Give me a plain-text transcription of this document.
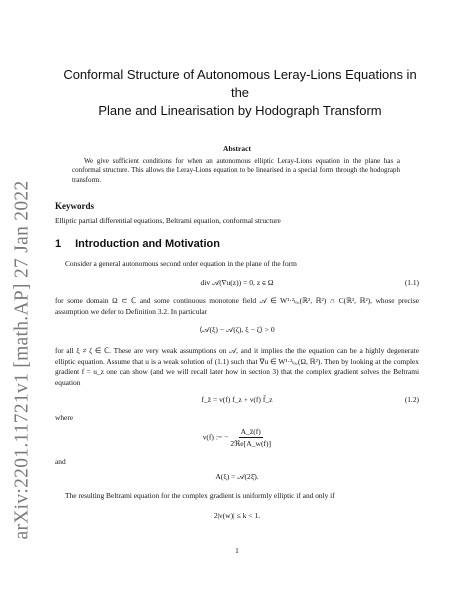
arXiv:2201.11721v1 [math.AP] 27 Jan 2022
Conformal Structure of Autonomous Leray-Lions Equations in the
Plane and Linearisation by Hodograph Transform
Abstract
We give sufficient conditions for when an autonomous elliptic Leray-Lions equation in the plane has a conformal structure. This allows the Leray-Lions equation to be linearised in a special form through the hodograph transform.
Keywords
Elliptic partial differential equations, Beltrami equation, conformal structure
1 Introduction and Motivation
Consider a general autonomous second order equation in the plane of the form
div 𝒜(∇u(z)) = 0, z ∈ Ω	(1.1)
for some domain Ω ⊂ ℂ and some continuous monotone field 𝒜 ∈ W¹·²ₗₒ꜀(ℝ², ℝ²) ∩ C(ℝ², ℝ²), whose precise assumption we defer to Definition 3.2. In particular
⟨𝒜(ξ) − 𝒜(ζ), ξ − ζ⟩ > 0
for all ξ ≠ ζ ∈ ℂ. These are very weak assumptions on 𝒜, and it implies the the equation can be a highly degenerate elliptic equation. Assume that u is a weak solution of (1.1) such that ∇u ∈ W¹·²ₗₒ꜀(Ω, ℝ²). Then by looking at the complex gradient f = u_z one can show (and we will recall later how in section 3) that the complex gradient solves the Beltrami equation
f_z̄ = ν(f) f_z + ν(f) f̄_z	(1.2)
where
ν(f) := − $\frac{A\_z̄(f)}{\text{2ℜe[A\_w(f)]}}$
and
A(ξ) = 𝒜(2ξ̄).
The resulting Beltrami equation for the complex gradient is uniformly elliptic if and only if
2|ν(w)| ≤ k < 1.
1
